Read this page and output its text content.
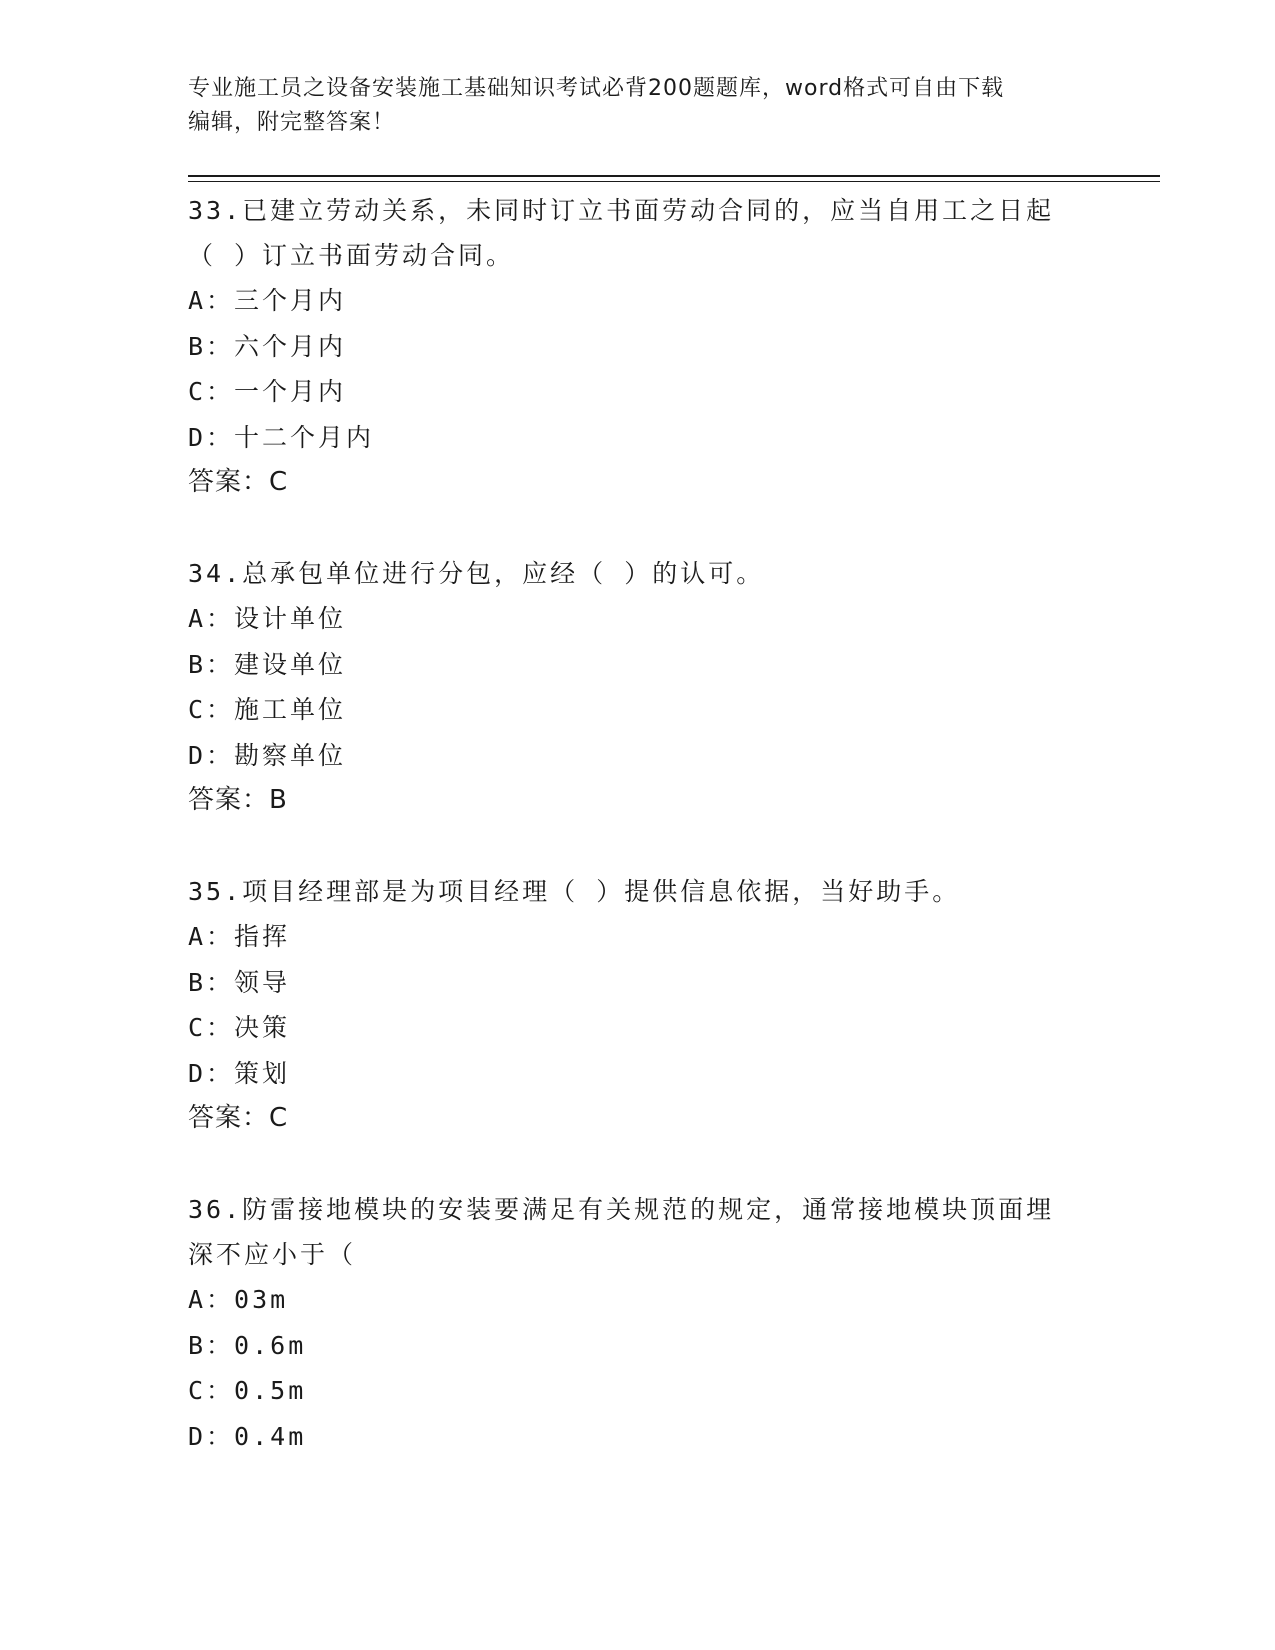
专业施工员之设备安装施工基础知识考试必背200题题库，word格式可自由下载
编辑，附完整答案！

33.已建立劳动关系，未同时订立书面劳动合同的，应当自用工之日起

（ ）订立书面劳动合同。

A：三个月内

B：六个月内

C：一个月内

D：十二个月内

答案：C

34.总承包单位进行分包，应经（ ）的认可。

A：设计单位

B：建设单位

C：施工单位

D：勘察单位

答案：B

35.项目经理部是为项目经理（ ）提供信息依据，当好助手。

A：指挥

B：领导

C：决策

D：策划

答案：C

36.防雷接地模块的安装要满足有关规范的规定，通常接地模块顶面埋

深不应小于（

A：03m

B：0.6m

C：0.5m

D：0.4m
